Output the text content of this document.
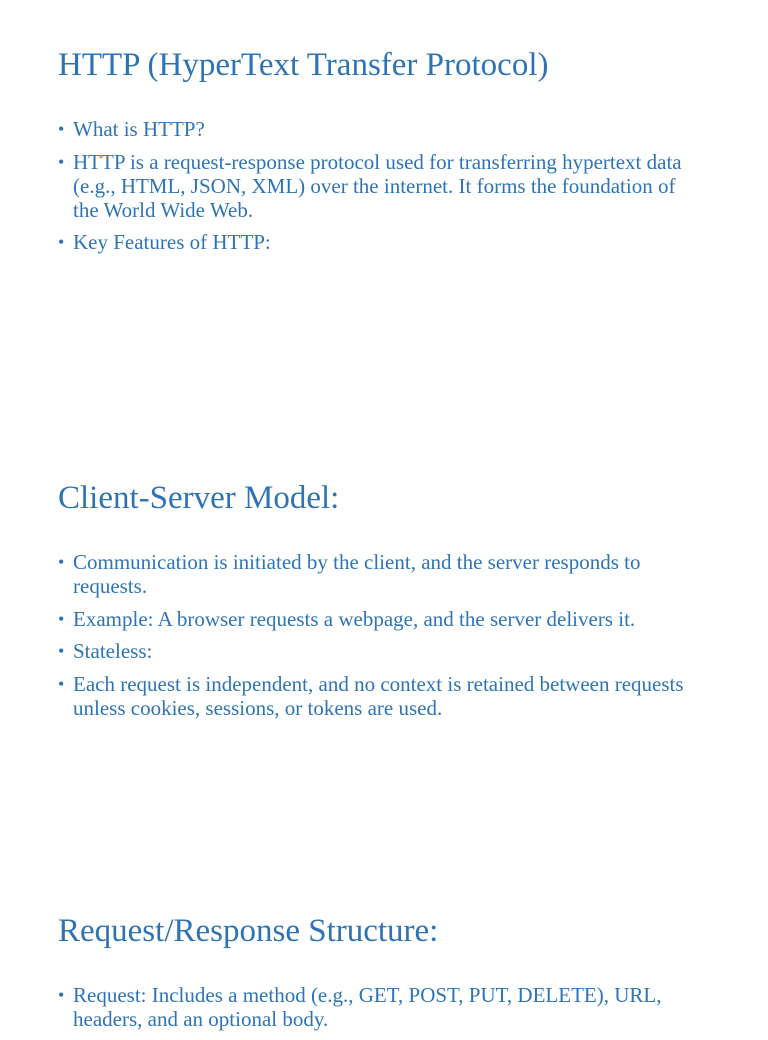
HTTP (HyperText Transfer Protocol)
• What is HTTP?
• HTTP is a request-response protocol used for transferring hypertext data (e.g., HTML, JSON, XML) over the internet. It forms the foundation of the World Wide Web.
• Key Features of HTTP:
Client-Server Model:
• Communication is initiated by the client, and the server responds to requests.
• Example: A browser requests a webpage, and the server delivers it.
• Stateless:
• Each request is independent, and no context is retained between requests unless cookies, sessions, or tokens are used.
Request/Response Structure:
• Request: Includes a method (e.g., GET, POST, PUT, DELETE), URL, headers, and an optional body.
